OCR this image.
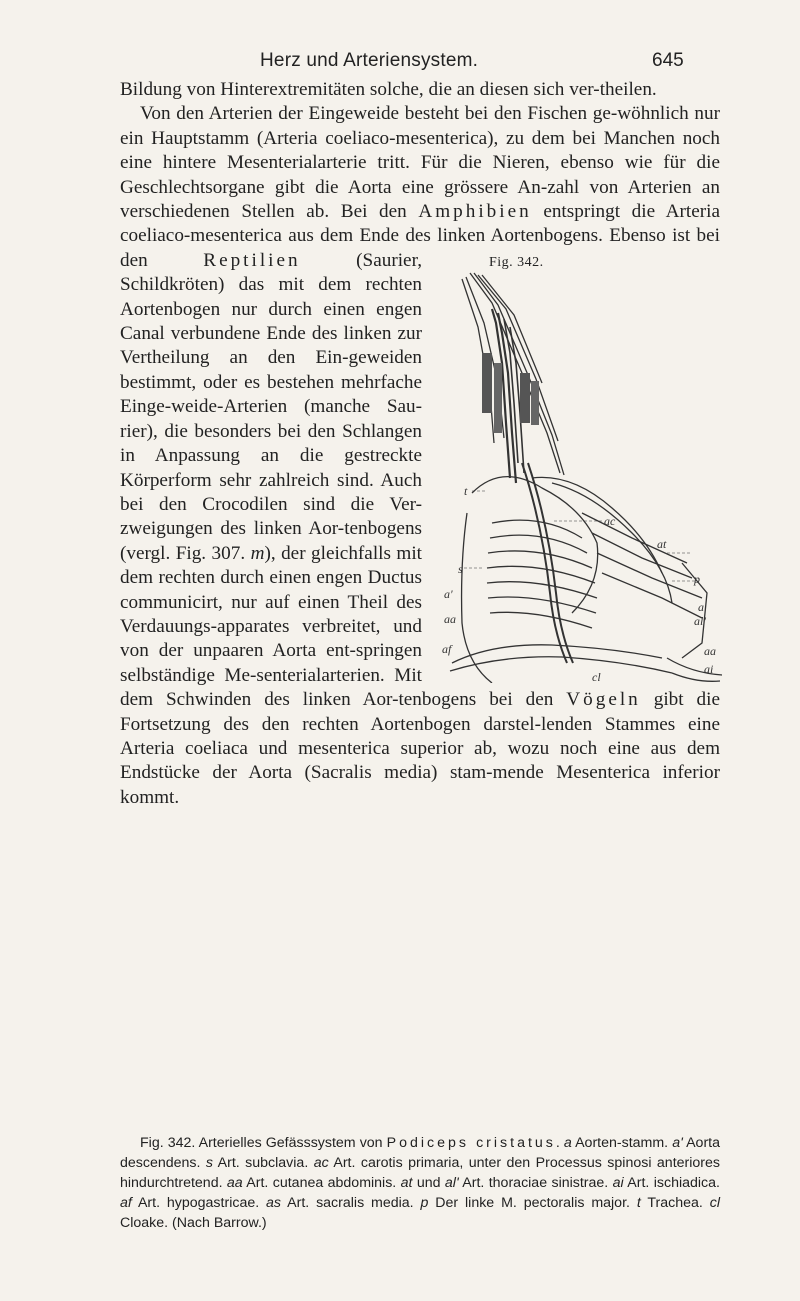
Herz und Arteriensystem.	645

Bildung von Hinterextremitäten solche, die an diesen sich ver-theilen.

Von den Arterien der Eingeweide besteht bei den Fischen ge-wöhnlich nur ein Hauptstamm (Arteria coeliaco-mesenterica), zu dem bei Manchen noch eine hintere Mesenterialarterie tritt. Für die Nieren, ebenso wie für die Geschlechtsorgane gibt die Aorta eine grössere An-zahl von Arterien an verschiedenen Stellen ab. Bei den Amphibien entspringt die Arteria coeliaco-mesenterica aus dem Ende des linken Aortenbogens. Ebenso ist bei den	Fig. 342.
t
s
ac
at
p
a
al'
aa
ai
cl
aa
a'
af
Reptilien (Saurier, Schildkröten) das mit dem rechten Aortenbogen nur durch einen engen Canal verbundene Ende des linken zur Vertheilung an den Ein-geweiden bestimmt, oder es bestehen mehrfache Einge-weide-Arterien (manche Sau-rier), die besonders bei den Schlangen in Anpassung an die gestreckte Körperform sehr zahlreich sind. Auch bei den Crocodilen sind die Ver-zweigungen des linken Aor-tenbogens (vergl. Fig. 307. m), der gleichfalls mit dem rechten durch einen engen Ductus communicirt, nur auf einen Theil des Verdauungs-apparates verbreitet, und von der unpaaren Aorta ent-springen selbständige Me-senterialarterien. Mit dem Schwinden des linken Aor-tenbogens bei den Vögeln gibt die Fortsetzung des den rechten Aortenbogen darstel-lenden Stammes eine Arteria coeliaca und mesenterica superior ab, wozu noch eine aus dem Endstücke der Aorta (Sacralis media) stam-mende Mesenterica inferior kommt.

Fig. 342. Arterielles Gefässsystem von Podiceps cristatus. a Aorten-stamm. a' Aorta descendens. s Art. subclavia. ac Art. carotis primaria, unter den Processus spinosi anteriores hindurchtretend. aa Art. cutanea abdominis. at und al' Art. thoraciae sinistrae. ai Art. ischiadica. af Art. hypogastricae. as Art. sacralis media. p Der linke M. pectoralis major. t Trachea. cl Cloake. (Nach Barrow.)
